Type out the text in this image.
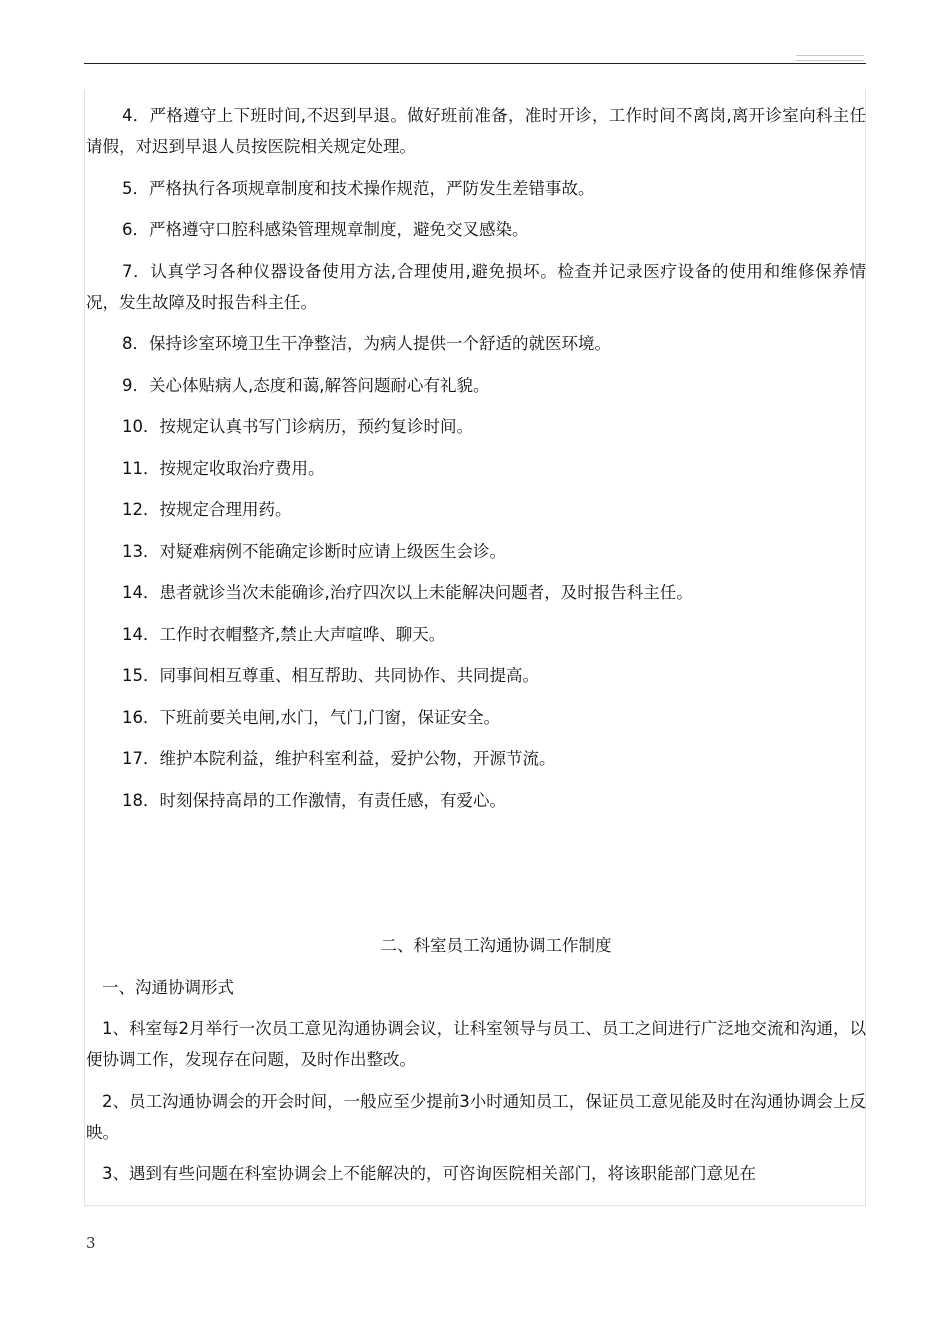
4．严格遵守上下班时间,不迟到早退。做好班前准备，准时开诊，工作时间不离岗,离开诊室向科主任请假，对迟到早退人员按医院相关规定处理。

5．严格执行各项规章制度和技术操作规范，严防发生差错事故。

6．严格遵守口腔科感染管理规章制度，避免交叉感染。

7．认真学习各种仪器设备使用方法,合理使用,避免损坏。检查并记录医疗设备的使用和维修保养情况，发生故障及时报告科主任。

8．保持诊室环境卫生干净整洁，为病人提供一个舒适的就医环境。

9．关心体贴病人,态度和蔼,解答问题耐心有礼貌。

10．按规定认真书写门诊病历，预约复诊时间。

11．按规定收取治疗费用。

12．按规定合理用药。

13．对疑难病例不能确定诊断时应请上级医生会诊。

14．患者就诊当次未能确诊,治疗四次以上未能解决问题者，及时报告科主任。

14．工作时衣帽整齐,禁止大声喧哗、聊天。

15．同事间相互尊重、相互帮助、共同协作、共同提高。

16．下班前要关电闸,水门，气门,门窗，保证安全。

17．维护本院利益，维护科室利益，爱护公物，开源节流。

18．时刻保持高昂的工作激情，有责任感，有爱心。

二、科室员工沟通协调工作制度

一、沟通协调形式

1、科室每2月举行一次员工意见沟通协调会议，让科室领导与员工、员工之间进行广泛地交流和沟通，以便协调工作，发现存在问题，及时作出整改。

2、员工沟通协调会的开会时间，一般应至少提前3小时通知员工，保证员工意见能及时在沟通协调会上反映。

3、遇到有些问题在科室协调会上不能解决的，可咨询医院相关部门，将该职能部门意见在

3
